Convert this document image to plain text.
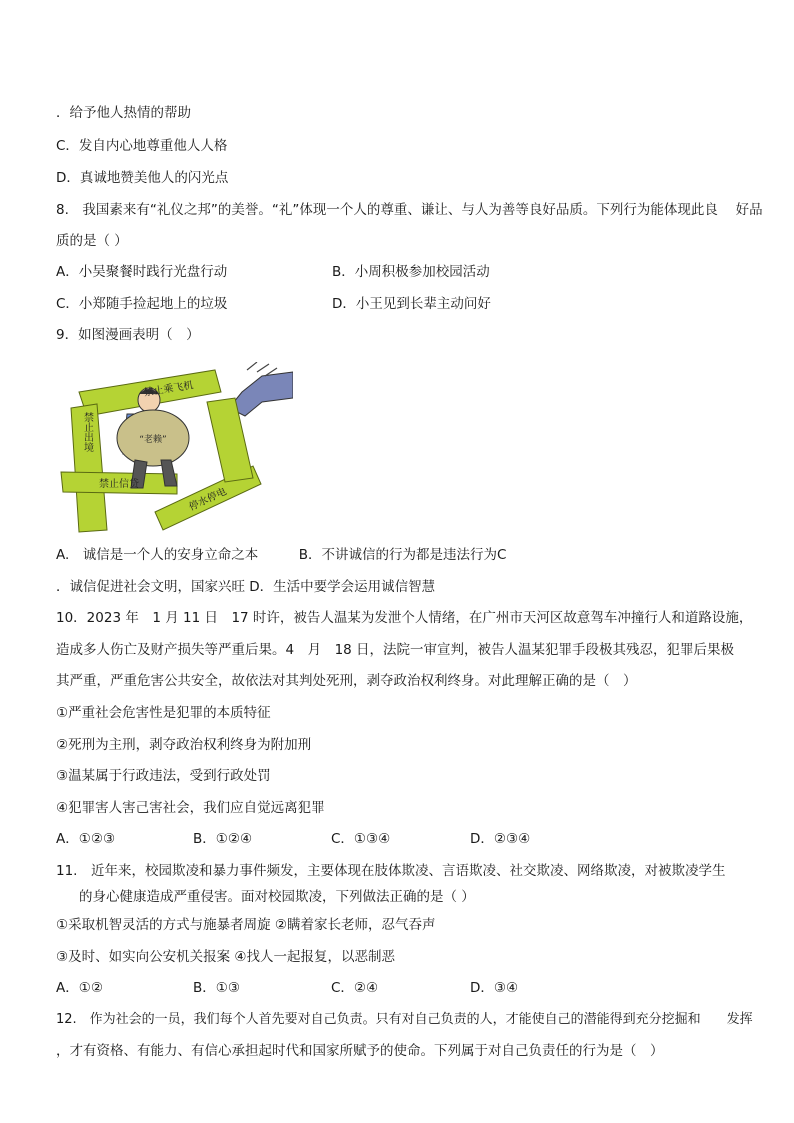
．给予他人热情的帮助
C．发自内心地尊重他人人格
D．真诚地赞美他人的闪光点
8.　我国素来有“礼仪之邦”的美誉。“礼”体现一个人的尊重、谦让、与人为善等良好品质。下列行为能体现此良　 好品
质的是（ ）
A．小吴聚餐时践行光盘行动	B．小周积极参加校园活动
C．小郑随手捡起地上的垃圾	D．小王见到长辈主动问好
9．如图漫画表明（　）
“老赖”
禁止乘飞机
禁止出境
禁止信贷
停水停电
A.　诚信是一个人的安身立命之本　　　B．不讲诚信的行为都是违法行为C
．诚信促进社会文明，国家兴旺 D．生活中要学会运用诚信智慧
10．2023 年　1 月 11 日　17 时许，被告人温某为发泄个人情绪，在广州市天河区故意驾车冲撞行人和道路设施，
造成多人伤亡及财产损失等严重后果。4　月　18 日，法院一审宣判，被告人温某犯罪手段极其残忍，犯罪后果极
其严重，严重危害公共安全，故依法对其判处死刑，剥夺政治权利终身。对此理解正确的是（　）
①严重社会危害性是犯罪的本质特征
②死刑为主刑，剥夺政治权利终身为附加刑
③温某属于行政违法，受到行政处罚
④犯罪害人害己害社会，我们应自觉远离犯罪
A．①②③	B．①②④	C．①③④	D．②③④
11.　近年来，校园欺凌和暴力事件频发，主要体现在肢体欺凌、言语欺凌、社交欺凌、网络欺凌，对被欺凌学生
的身心健康造成严重侵害。面对校园欺凌，下列做法正确的是（ ）
①采取机智灵活的方式与施暴者周旋 ②瞒着家长老师，忍气吞声
③及时、如实向公安机关报案 ④找人一起报复，以恶制恶
A．①②	B．①③	C．②④	D．③④
12.　作为社会的一员，我们每个人首先要对自己负责。只有对自己负责的人，才能使自己的潜能得到充分挖掘和　　发挥
，才有资格、有能力、有信心承担起时代和国家所赋予的使命。下列属于对自己负责任的行为是（　）
